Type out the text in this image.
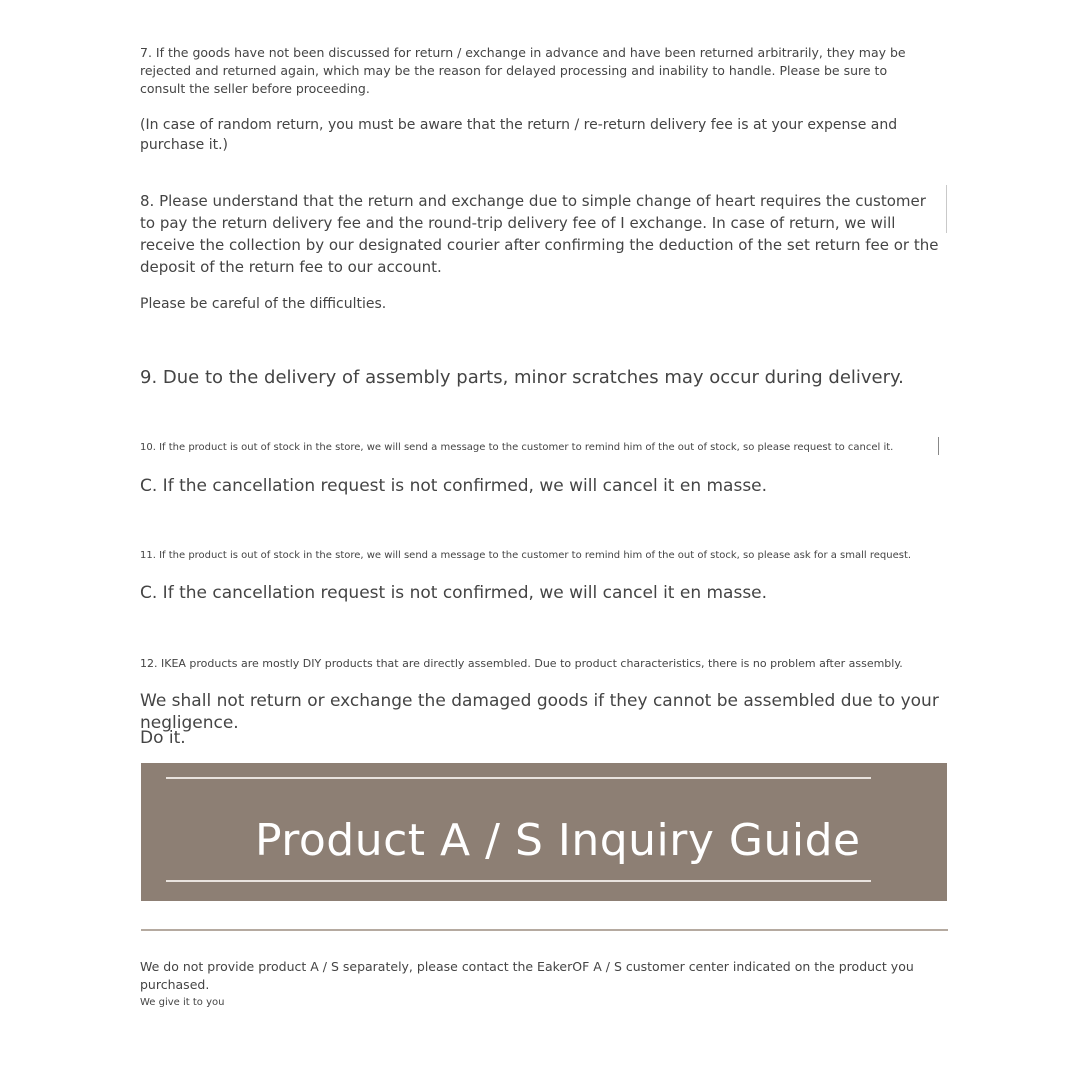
7. If the goods have not been discussed for return / exchange in advance and have been returned arbitrarily, they may be rejected and returned again, which may be the reason for delayed processing and inability to handle. Please be sure to consult the seller before proceeding.

(In case of random return, you must be aware that the return / re-return delivery fee is at your expense and purchase it.)

8. Please understand that the return and exchange due to simple change of heart requires the customer to pay the return delivery fee and the round-trip delivery fee of I exchange. In case of return, we will receive the collection by our designated courier after confirming the deduction of the set return fee or the deposit of the return fee to our account.

Please be careful of the difficulties.

9. Due to the delivery of assembly parts, minor scratches may occur during delivery.

10. If the product is out of stock in the store, we will send a message to the customer to remind him of the out of stock, so please request to cancel it.

C. If the cancellation request is not confirmed, we will cancel it en masse.

11. If the product is out of stock in the store, we will send a message to the customer to remind him of the out of stock, so please ask for a small request.

C. If the cancellation request is not confirmed, we will cancel it en masse.

12. IKEA products are mostly DIY products that are directly assembled. Due to product characteristics, there is no problem after assembly.

We shall not return or exchange the damaged goods if they cannot be assembled due to your negligence.

Do it.

Product A / S Inquiry Guide

We do not provide product A / S separately, please contact the EakerOF A / S customer center indicated on the product you purchased.

We give it to you
